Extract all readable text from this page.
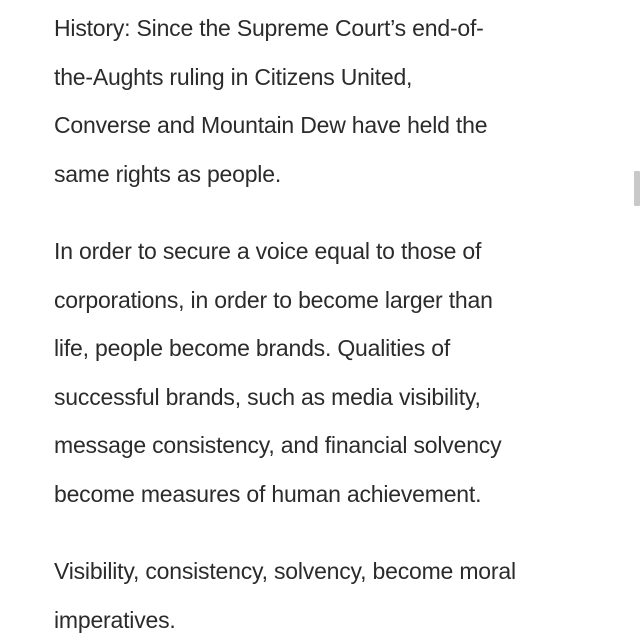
History: Since the Supreme Court’s end-of-
the-Aughts ruling in Citizens United,
Converse and Mountain Dew have held the
same rights as people.

In order to secure a voice equal to those of
corporations, in order to become larger than
life, people become brands. Qualities of
successful brands, such as media visibility,
message consistency, and financial solvency
become measures of human achievement.

Visibility, consistency, solvency, become moral
imperatives.
